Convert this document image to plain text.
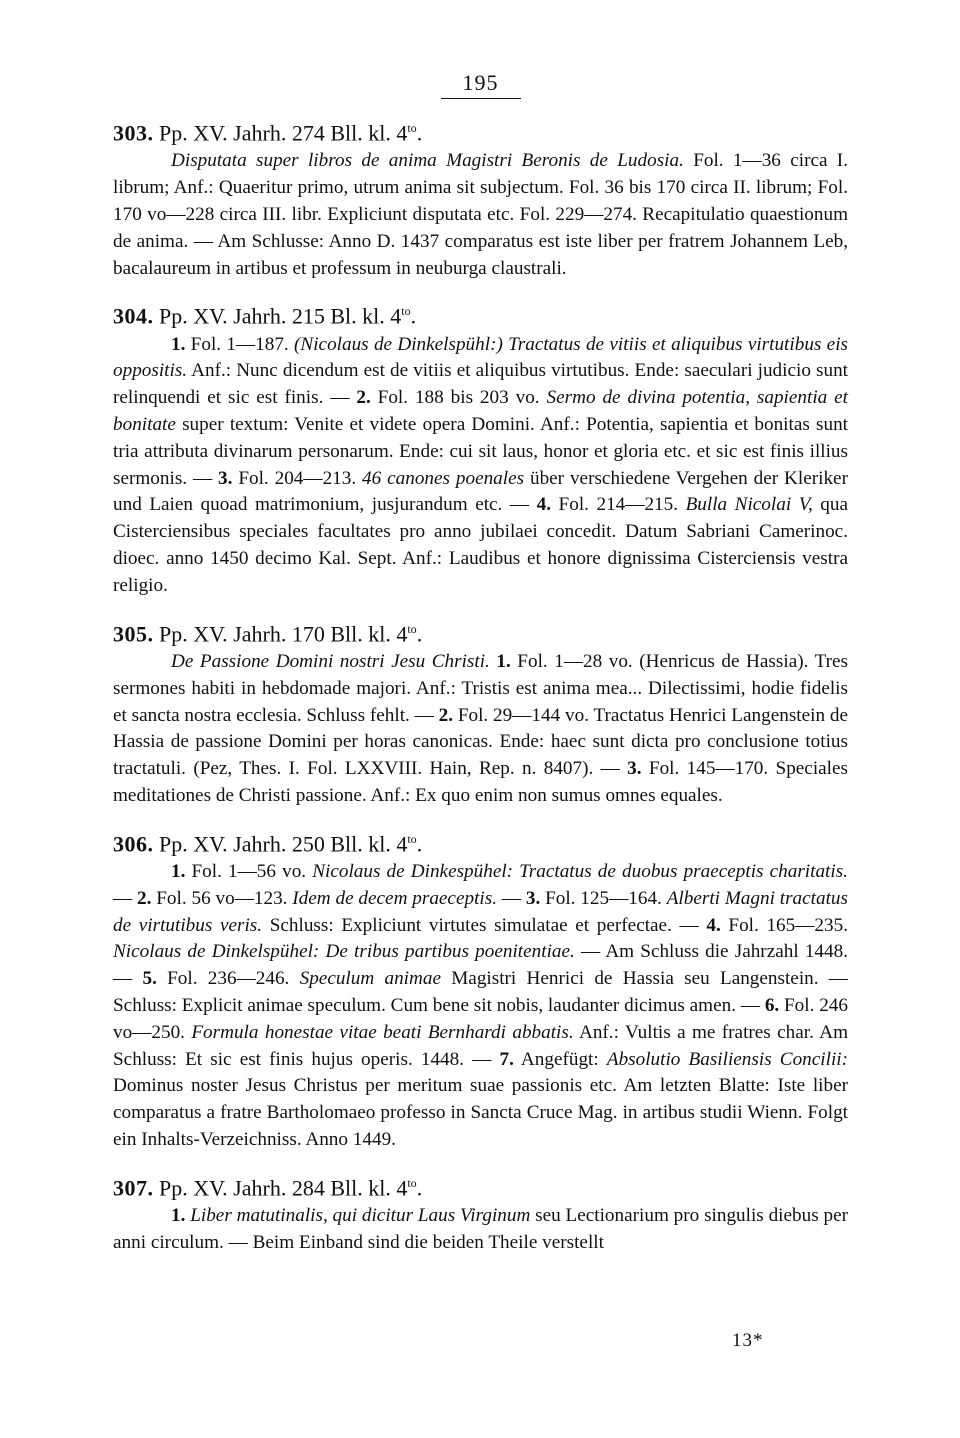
195
303. Pp. XV. Jahrh. 274 Bll. kl. $4^{to}$.

Disputata super libros de anima Magistri Beronis de Ludosia. Fol. 1—36 circa I. librum; Anf.: Quaeritur primo, utrum anima sit subjectum. Fol. 36 bis 170 circa II. librum; Fol. 170 vo—228 circa III. libr. Expliciunt disputata etc. Fol. 229—274. Recapitulatio quaestionum de anima. — Am Schlusse: Anno D. 1437 comparatus est iste liber per fratrem Johannem Leb, bacalaureum in artibus et professum in neuburga claustrali.

304. Pp. XV. Jahrh. 215 Bl. kl. $4^{to}$.

1. Fol. 1—187. (Nicolaus de Dinkelspühl:) Tractatus de vitiis et aliquibus virtutibus eis oppositis. Anf.: Nunc dicendum est de vitiis et aliquibus virtutibus. Ende: saeculari judicio sunt relinquendi et sic est finis. — 2. Fol. 188 bis 203 vo. Sermo de divina potentia, sapientia et bonitate super textum: Venite et videte opera Domini. Anf.: Potentia, sapientia et bonitas sunt tria attributa divinarum personarum. Ende: cui sit laus, honor et gloria etc. et sic est finis illius sermonis. — 3. Fol. 204—213. 46 canones poenales über verschiedene Vergehen der Kleriker und Laien quoad matrimonium, jusjurandum etc. — 4. Fol. 214—215. Bulla Nicolai V, qua Cisterciensibus speciales facultates pro anno jubilaei concedit. Datum Sabriani Camerinoc. dioec. anno 1450 decimo Kal. Sept. Anf.: Laudibus et honore dignissima Cisterciensis vestra religio.

305. Pp. XV. Jahrh. 170 Bll. kl. $4^{to}$.

De Passione Domini nostri Jesu Christi. 1. Fol. 1—28 vo. (Henricus de Hassia). Tres sermones habiti in hebdomade majori. Anf.: Tristis est anima mea... Dilectissimi, hodie fidelis et sancta nostra ecclesia. Schluss fehlt. — 2. Fol. 29—144 vo. Tractatus Henrici Langenstein de Hassia de passione Domini per horas canonicas. Ende: haec sunt dicta pro conclusione totius tractatuli. (Pez, Thes. I. Fol. LXXVIII. Hain, Rep. n. 8407). — 3. Fol. 145—170. Speciales meditationes de Christi passione. Anf.: Ex quo enim non sumus omnes equales.

306. Pp. XV. Jahrh. 250 Bll. kl. $4^{to}$.

1. Fol. 1—56 vo. Nicolaus de Dinkespühel: Tractatus de duobus praeceptis charitatis. — 2. Fol. 56 vo—123. Idem de decem praeceptis. — 3. Fol. 125—164. Alberti Magni tractatus de virtutibus veris. Schluss: Expliciunt virtutes simulatae et perfectae. — 4. Fol. 165—235. Nicolaus de Dinkelspühel: De tribus partibus poenitentiae. — Am Schluss die Jahrzahl 1448. — 5. Fol. 236—246. Speculum animae Magistri Henrici de Hassia seu Langenstein. — Schluss: Explicit animae speculum. Cum bene sit nobis, laudanter dicimus amen. — 6. Fol. 246 vo—250. Formula honestae vitae beati Bernhardi abbatis. Anf.: Vultis a me fratres char. Am Schluss: Et sic est finis hujus operis. 1448. — 7. Angefügt: Absolutio Basiliensis Concilii: Dominus noster Jesus Christus per meritum suae passionis etc. Am letzten Blatte: Iste liber comparatus a fratre Bartholomaeo professo in Sancta Cruce Mag. in artibus studii Wienn. Folgt ein Inhalts-Verzeichniss. Anno 1449.

307. Pp. XV. Jahrh. 284 Bll. kl. $4^{to}$.

1. Liber matutinalis, qui dicitur Laus Virginum seu Lectionarium pro singulis diebus per anni circulum. — Beim Einband sind die beiden Theile verstellt

13*
